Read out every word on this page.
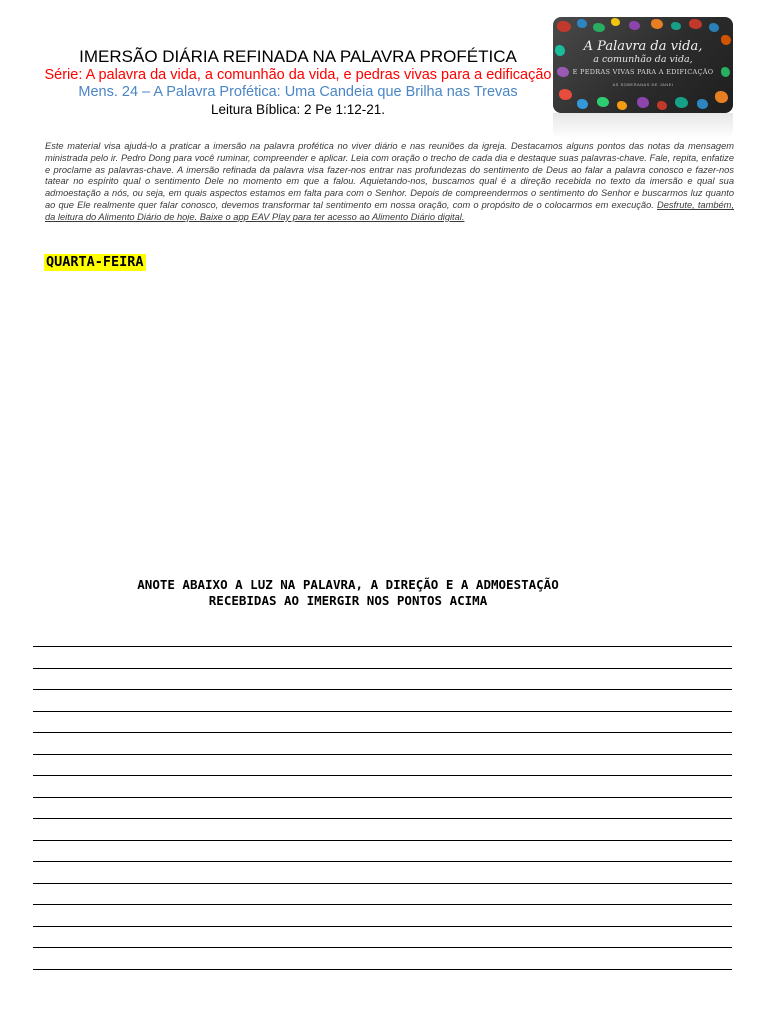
IMERSÃO DIÁRIA REFINADA NA PALAVRA PROFÉTICA
Série: A palavra da vida, a comunhão da vida, e pedras vivas para a edificação
Mens. 24 – A Palavra Profética: Uma Candeia que Brilha nas Trevas
Leitura Bíblica: 2 Pe 1:12-21.
A Palavra da vida,
a comunhão da vida,
E PEDRAS VIVAS PARA A EDIFICAÇÃO
AS SOBERANAS DE JANEI
Este material visa ajudá-lo a praticar a imersão na palavra profética no viver diário e nas reuniões da igreja. Destacamos alguns pontos das notas da mensagem ministrada pelo ir. Pedro Dong para você ruminar, compreender e aplicar. Leia com oração o trecho de cada dia e destaque suas palavras-chave. Fale, repita, enfatize e proclame as palavras-chave. A imersão refinada da palavra visa fazer-nos entrar nas profundezas do sentimento de Deus ao falar a palavra conosco e fazer-nos tatear no espírito qual o sentimento Dele no momento em que a falou. Aquietando-nos, buscamos qual é a direção recebida no texto da imersão e qual sua admoestação a nós, ou seja, em quais aspectos estamos em falta para com o Senhor. Depois de compreendermos o sentimento do Senhor e buscarmos luz quanto ao que Ele realmente quer falar conosco, devemos transformar tal sentimento em nossa oração, com o propósito de o colocarmos em execução. Desfrute, também, da leitura do Alimento Diário de hoje. Baixe o app EAV Play para ter acesso ao Alimento Diário digital.
QUARTA-FEIRA
ANOTE ABAIXO A LUZ NA PALAVRA, A DIREÇÃO E A ADMOESTAÇÃO
RECEBIDAS AO IMERGIR NOS PONTOS ACIMA
